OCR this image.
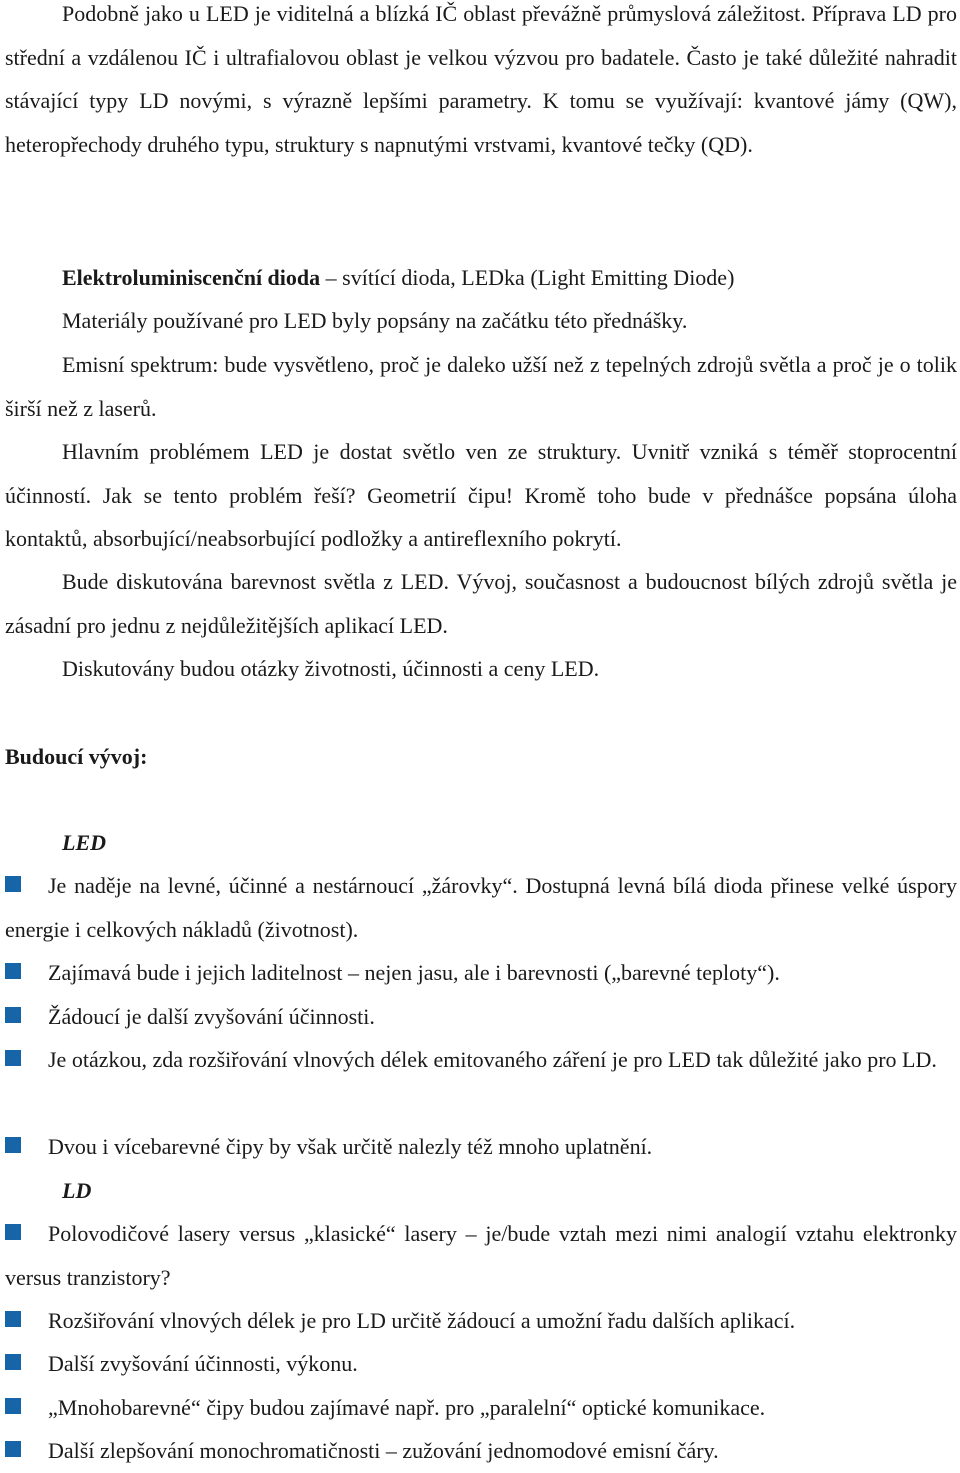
Podobně jako u LED je viditelná a blízká IČ oblast převážně průmyslová záležitost. Příprava LD pro střední a vzdálenou IČ i ultrafialovou oblast je velkou výzvou pro badatele. Často je také důležité nahradit stávající typy LD novými, s výrazně lepšími parametry. K tomu se využívají: kvantové jámy (QW), heteropřechody druhého typu, struktury s napnutými vrstvami, kvantové tečky (QD).

Elektroluminiscenční dioda – svítící dioda, LEDka (Light Emitting Diode)

Materiály používané pro LED byly popsány na začátku této přednášky.

Emisní spektrum: bude vysvětleno, proč je daleko užší než z tepelných zdrojů světla a proč je o tolik širší než z laserů.

Hlavním problémem LED je dostat světlo ven ze struktury. Uvnitř vzniká s téměř stoprocentní účinností. Jak se tento problém řeší? Geometrií čipu! Kromě toho bude v přednášce popsána úloha kontaktů, absorbující/neabsorbující podložky a antireflexního pokrytí.

Bude diskutována barevnost světla z LED. Vývoj, současnost a budoucnost bílých zdrojů světla je zásadní pro jednu z nejdůležitějších aplikací LED.

Diskutovány budou otázky životnosti, účinnosti a ceny LED.

Budoucí vývoj:

LED

Je naděje na levné, účinné a nestárnoucí „žárovky“. Dostupná levná bílá dioda přinese velké úspory energie i celkových nákladů (životnost).

Zajímavá bude i jejich laditelnost – nejen jasu, ale i barevnosti („barevné teploty“).

Žádoucí je další zvyšování účinnosti.

Je otázkou, zda rozšiřování vlnových délek emitovaného záření je pro LED tak důležité jako pro LD.

Dvou i vícebarevné čipy by však určitě nalezly též mnoho uplatnění.

LD

Polovodičové lasery versus „klasické“ lasery – je/bude vztah mezi nimi analogií vztahu elektronky versus tranzistory?

Rozšiřování vlnových délek je pro LD určitě žádoucí a umožní řadu dalších aplikací.

Další zvyšování účinnosti, výkonu.

„Mnohobarevné“ čipy budou zajímavé např. pro „paralelní“ optické komunikace.

Další zlepšování monochromatičnosti – zužování jednomodové emisní čáry.
